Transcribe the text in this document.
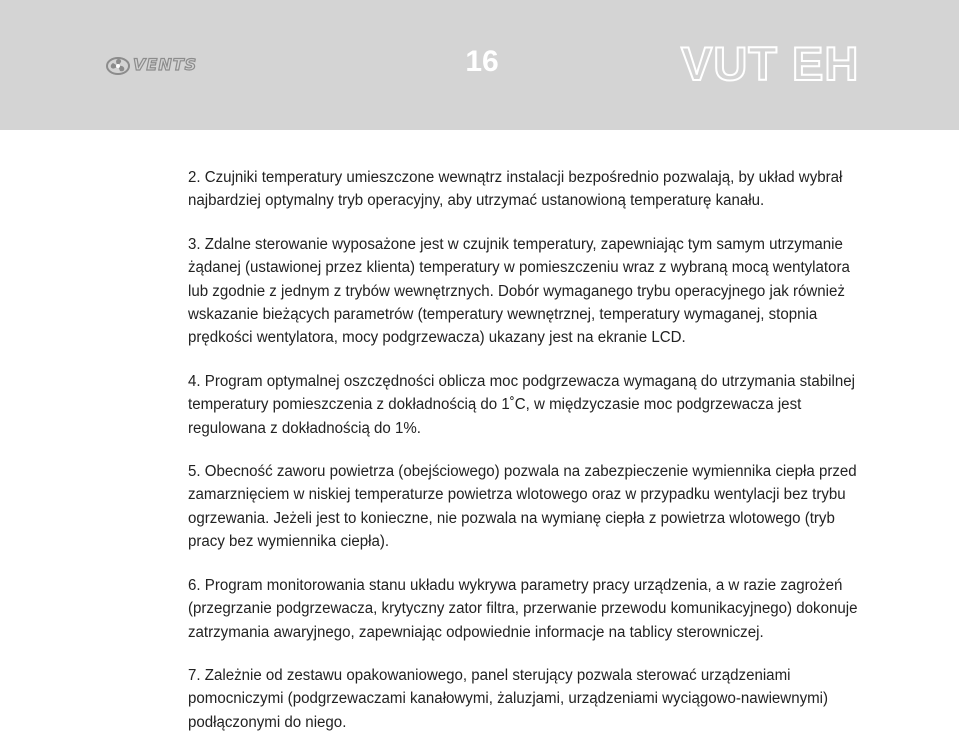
VENTS	16	VUT EH
2. Czujniki temperatury umieszczone wewnątrz instalacji bezpośrednio pozwalają, by układ wybrał
najbardziej optymalny tryb operacyjny, aby utrzymać ustanowioną temperaturę kanału.
3. Zdalne sterowanie wyposażone jest w czujnik temperatury, zapewniając tym samym utrzymanie
żądanej (ustawionej przez klienta) temperatury w pomieszczeniu wraz z wybraną mocą wentylatora
lub zgodnie z jednym z trybów wewnętrznych. Dobór wymaganego trybu operacyjnego jak również
wskazanie bieżących parametrów (temperatury wewnętrznej, temperatury wymaganej, stopnia
prędkości wentylatora, mocy podgrzewacza) ukazany jest na ekranie LCD.
4. Program optymalnej oszczędności oblicza moc podgrzewacza wymaganą do utrzymania stabilnej
temperatury pomieszczenia z dokładnością do 1˚C, w międzyczasie moc podgrzewacza jest
regulowana z dokładnością do 1%.
5. Obecność zaworu powietrza (obejściowego) pozwala na zabezpieczenie wymiennika ciepła przed
zamarznięciem w niskiej temperaturze powietrza wlotowego oraz w przypadku wentylacji bez trybu
ogrzewania. Jeżeli jest to konieczne, nie pozwala na wymianę ciepła z powietrza wlotowego (tryb
pracy bez wymiennika ciepła).
6. Program monitorowania stanu układu wykrywa parametry pracy urządzenia, a w razie zagrożeń
(przegrzanie podgrzewacza, krytyczny zator filtra, przerwanie przewodu komunikacyjnego) dokonuje
zatrzymania awaryjnego, zapewniając odpowiednie informacje na tablicy sterowniczej.
7. Zależnie od zestawu opakowaniowego, panel sterujący pozwala sterować urządzeniami
pomocniczymi (podgrzewaczami kanałowymi, żaluzjami, urządzeniami wyciągowo-nawiewnymi)
podłączonymi do niego.
